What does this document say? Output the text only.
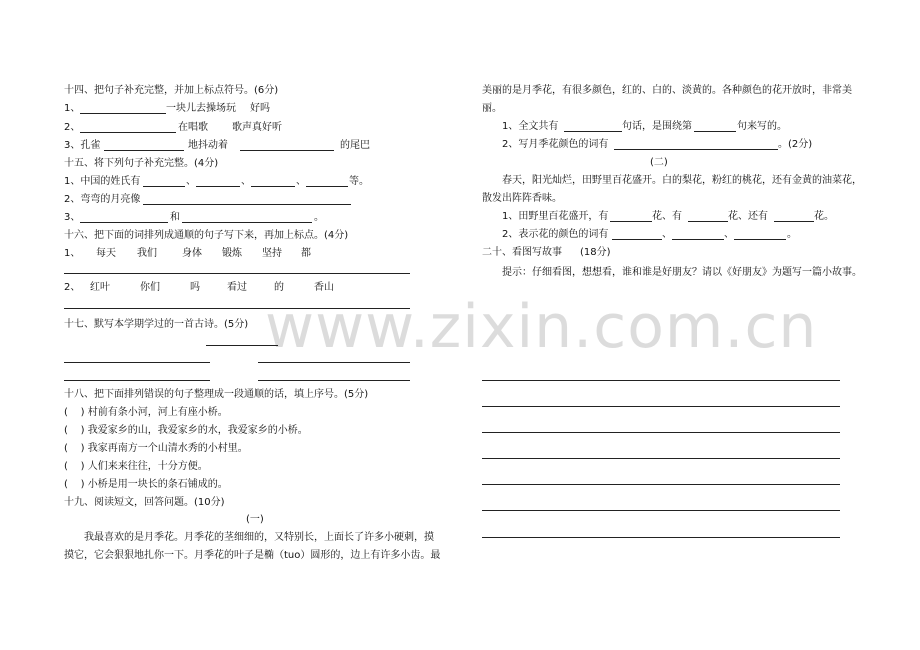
www.zixin.com.cn
十四、把句子补充完整，并加上标点符号。(6分)
1、	一块儿去操场玩 好吗
2、	在唱歌 歌声真好听
3、孔雀	地抖动着	的尾巴
十五、将下列句子补充完整。(4分)
1、中国的姓氏有	、	、	、	等。
2、弯弯的月亮像
3、	和	。
十六、把下面的词排列成通顺的句子写下来，再加上标点。(4分)
1、 每天 我们	身体 锻炼 坚持 都
2、 红叶	你们	吗	看过	的	香山
十七、默写本学期学过的一首古诗。(5分)
十八、把下面排列错误的句子整理成一段通顺的话，填上序号。(5分)
(    ) 村前有条小河，河上有座小桥。
(    ) 我爱家乡的山，我爱家乡的水，我爱家乡的小桥。
(    ) 我家再南方一个山清水秀的小村里。
(    ) 人们来来往往，十分方便。
(    ) 小桥是用一块长的条石铺成的。
十九、阅读短文，回答问题。(10分)
(一)
我最喜欢的是月季花。月季花的茎细细的，又特别长，上面长了许多小硬刺，摸
摸它，它会狠狠地扎你一下。月季花的叶子是椭（tuo）圆形的，边上有许多小齿。最
美丽的是月季花，有很多颜色，红的、白的、淡黄的。各种颜色的花开放时，非常美
丽。
1、全文共有	句话，是围绕第	句来写的。
2、写月季花颜色的词有	。(2分)
(二)
春天，阳光灿烂，田野里百花盛开。白的梨花，粉红的桃花，还有金黄的油菜花，
散发出阵阵香味。
1、田野里百花盛开，有	花、有	花、还有	花。
2、表示花的颜色的词有	、	、	。
二十、看图写故事 (18分)
提示：仔细看图，想想看，谁和谁是好朋友？请以《好朋友》为题写一篇小故事。
